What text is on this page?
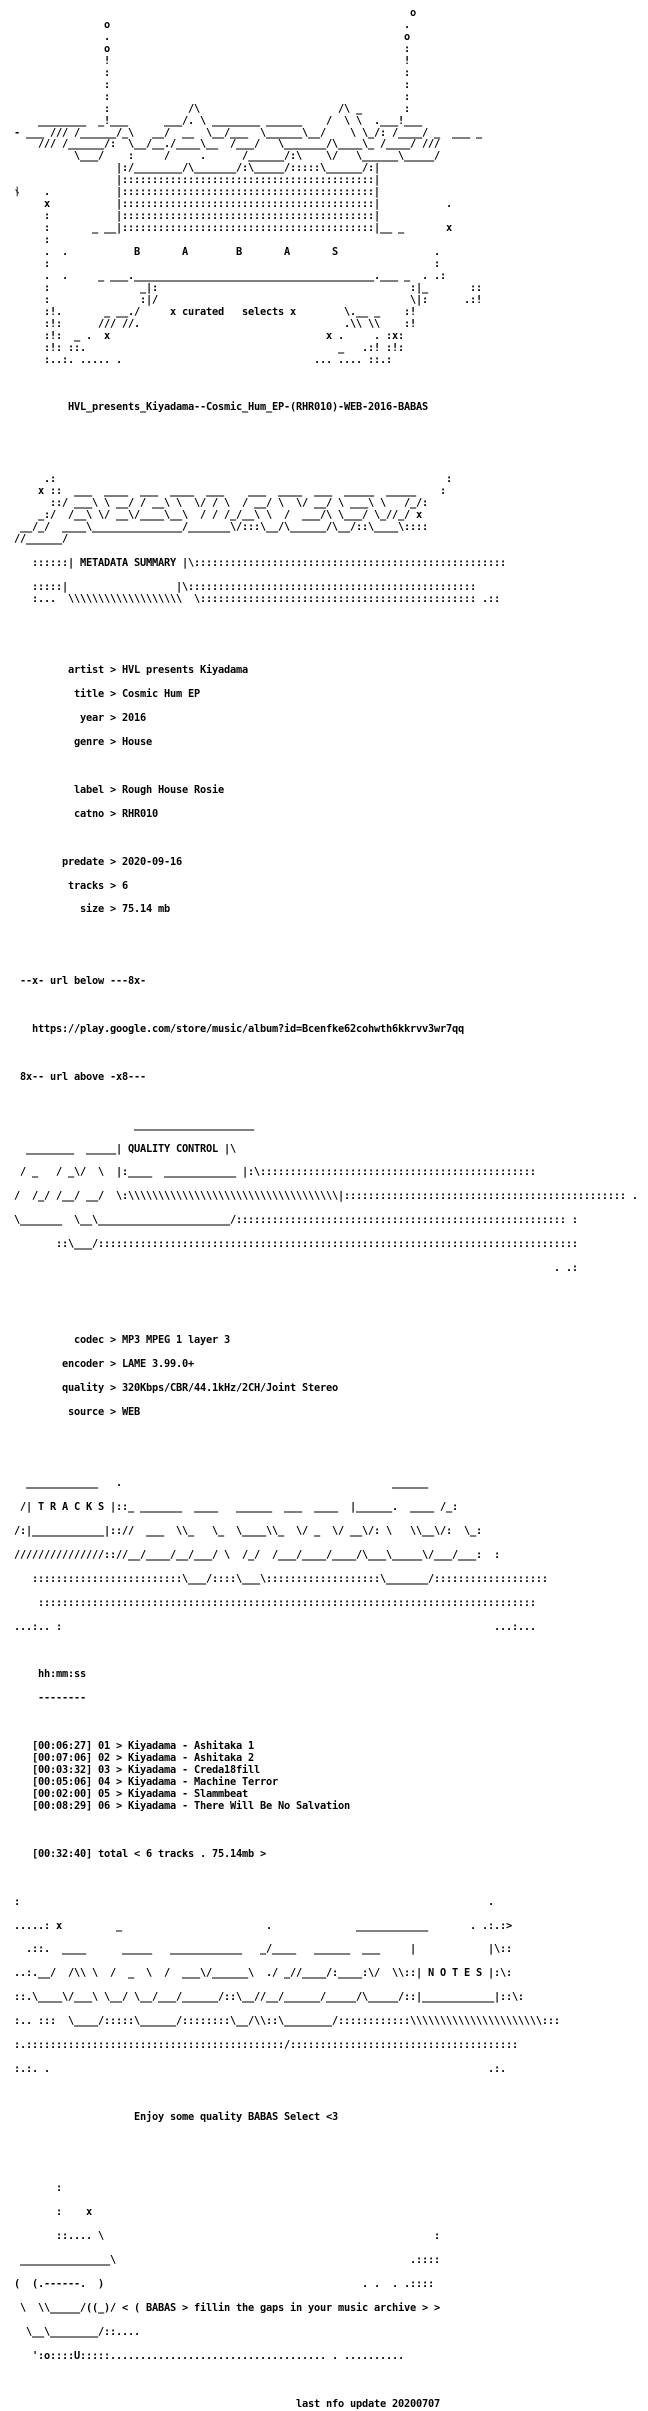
o
o                                                 .
.                                                 o
o                                                 :
!                                                 !
:                                                 :
:                                                 :
:                                                 :
:             /\                       /\ _       :
________  _!___      ___/. \ ________ ______    /  \ \  .___!___
- ___ /// /______/_\   __/  __  \__/___  \______\__/    \ \_/: /____/ _  ___ _
/// /______/:  \__/__./____\__  /___/   \_______/\____\_ /____/ ///
\___/    :     /     .      /______/:\    \/   \______\_____/
|:/________/\_______/:\_____/:::::\______/:|
|::::::::::::::::::::::::::::::::::::::::::|
ᚾ    .           |::::::::::::::::::::::::::::::::::::::::::|
x           |::::::::::::::::::::::::::::::::::::::::::|           .
:           |::::::::::::::::::::::::::::::::::::::::::|
:       _ __|::::::::::::::::::::::::::::::::::::::::::|__ _       x
:
.  .           B       A        B       A       S                .
:                                                                :
.  .     _ ___.________________________________________.___ _  . .:
:               _|:                                          :|_       ::
:               :|/                                          \|:      .:!
:!.       _ __./     x curated   selects x        \.__ _    :!
:!:      /// //.                                  .\\ \\    :!
:!:  _ .  x                                    x .     . :x:
:!: ::.                                          _   .:! :!:
:..:. ..... .                                ... .... ::.:

HVL_presents_Kiyadama--Cosmic_Hum_EP-(RHR010)-WEB-2016-BABAS

.:                                                                 :
x ::  ___  ____  ___  ____  ___    ___  ____  ___  _____  _____    :
::/ ___\ \ __/ / __\ \  \/ / \  / __/ \  \/ __/ \ ___\ \   /_/:
_:/  /__\ \/ __\/____\__\  / / /_/__\ \  /  ___/\ \___/ \_//_/ x
__/_/  ____\_______________/_______\/:::\__/\______/\__/::\____\::::
//______/

::::::| METADATA SUMMARY |\::::::::::::::::::::::::::::::::::::::::::::::::::::

:::::|                  |\::::::::::::::::::::::::::::::::::::::::::::::::
:...  \\\\\\\\\\\\\\\\\\\  \:::::::::::::::::::::::::::::::::::::::::::::: .::

artist > HVL presents Kiyadama

title > Cosmic Hum EP

year > 2016

genre > House

label > Rough House Rosie

catno > RHR010

predate > 2020-09-16

tracks > 6

size > 75.14 mb

--x- url below ---8x-

https://play.google.com/store/music/album?id=Bcenfke62cohwth6kkrvv3wr7qq

8x-- url above -x8---

____________________

________  _____| QUALITY CONTROL |\

/ _   / _\/  \  |:____  ____________ |:\::::::::::::::::::::::::::::::::::::::::::::::

/  /_/ /__/ __/  \:\\\\\\\\\\\\\\\\\\\\\\\\\\\\\\\\\\\|::::::::::::::::::::::::::::::::::::::::::::::: .

\_______  \__\______________________/::::::::::::::::::::::::::::::::::::::::::::::::::::::: :

::\___/::::::::::::::::::::::::::::::::::::::::::::::::::::::::::::::::::::::::::::::::

. .:

codec > MP3 MPEG 1 layer 3

encoder > LAME 3.99.0+

quality > 320Kbps/CBR/44.1kHz/2CH/Joint Stereo

source > WEB

____________   .                                             ______

/| T R A C K S |::_ _______  ____   ______  ___  ____  |______.  ____ /_:

/:|____________|:://  ___  \\_   \_  \____\\_  \/ _  \/ __\/: \   \\__\/:  \_:

///////////////:://__/____/__/___/ \  /_/  /___/____/____/\___\_____\/___/___:  :

:::::::::::::::::::::::::\___/::::\___\:::::::::::::::::::\_______/:::::::::::::::::::

:::::::::::::::::::::::::::::::::::::::::::::::::::::::::::::::::::::::::::::::::::

...:.. :                                                                        ...:...

hh:mm:ss

--------

[00:06:27] 01 > Kiyadama - Ashitaka 1
[00:07:06] 02 > Kiyadama - Ashitaka 2
[00:03:32] 03 > Kiyadama - Creda18fill
[00:05:06] 04 > Kiyadama - Machine Terror
[00:02:00] 05 > Kiyadama - Slammbeat
[00:08:29] 06 > Kiyadama - There Will Be No Salvation

[00:32:40] total < 6 tracks . 75.14mb >

:                                                                              .

.....: x         _                        .              ____________       . .:.:>

.::.  ____      _____   ____________   _/____   ______  ___     |            |\::

..:.__/  /\\ \  /  _  \  /  ___\/______\  ./ _//____/:____:\/  \\::| N O T E S |:\:

::.\____\/___\ \__/ \__/___/______/::\__//__/______/_____/\_____/::|____________|::\:

:.. :::  \____/:::::\______/::::::::\__/\\::\________/::::::::::::\\\\\\\\\\\\\\\\\\\\\\:::

:.:::::::::::::::::::::::::::::::::::::::::::/::::::::::::::::::::::::::::::::::::::

:.:. .                                                                         .:.

Enjoy some quality BABAS Select <3

:

:    x

::.... \                                                       :

_______________\                                                 .::::

(  (.------.  )                                           . .  . .::::

\  \\_____/((_)/ < ( BABAS > fillin the gaps in your music archive > >

\__\________/::....

':o::::U:::::.................................... . ..........

last nfo update 20200707
